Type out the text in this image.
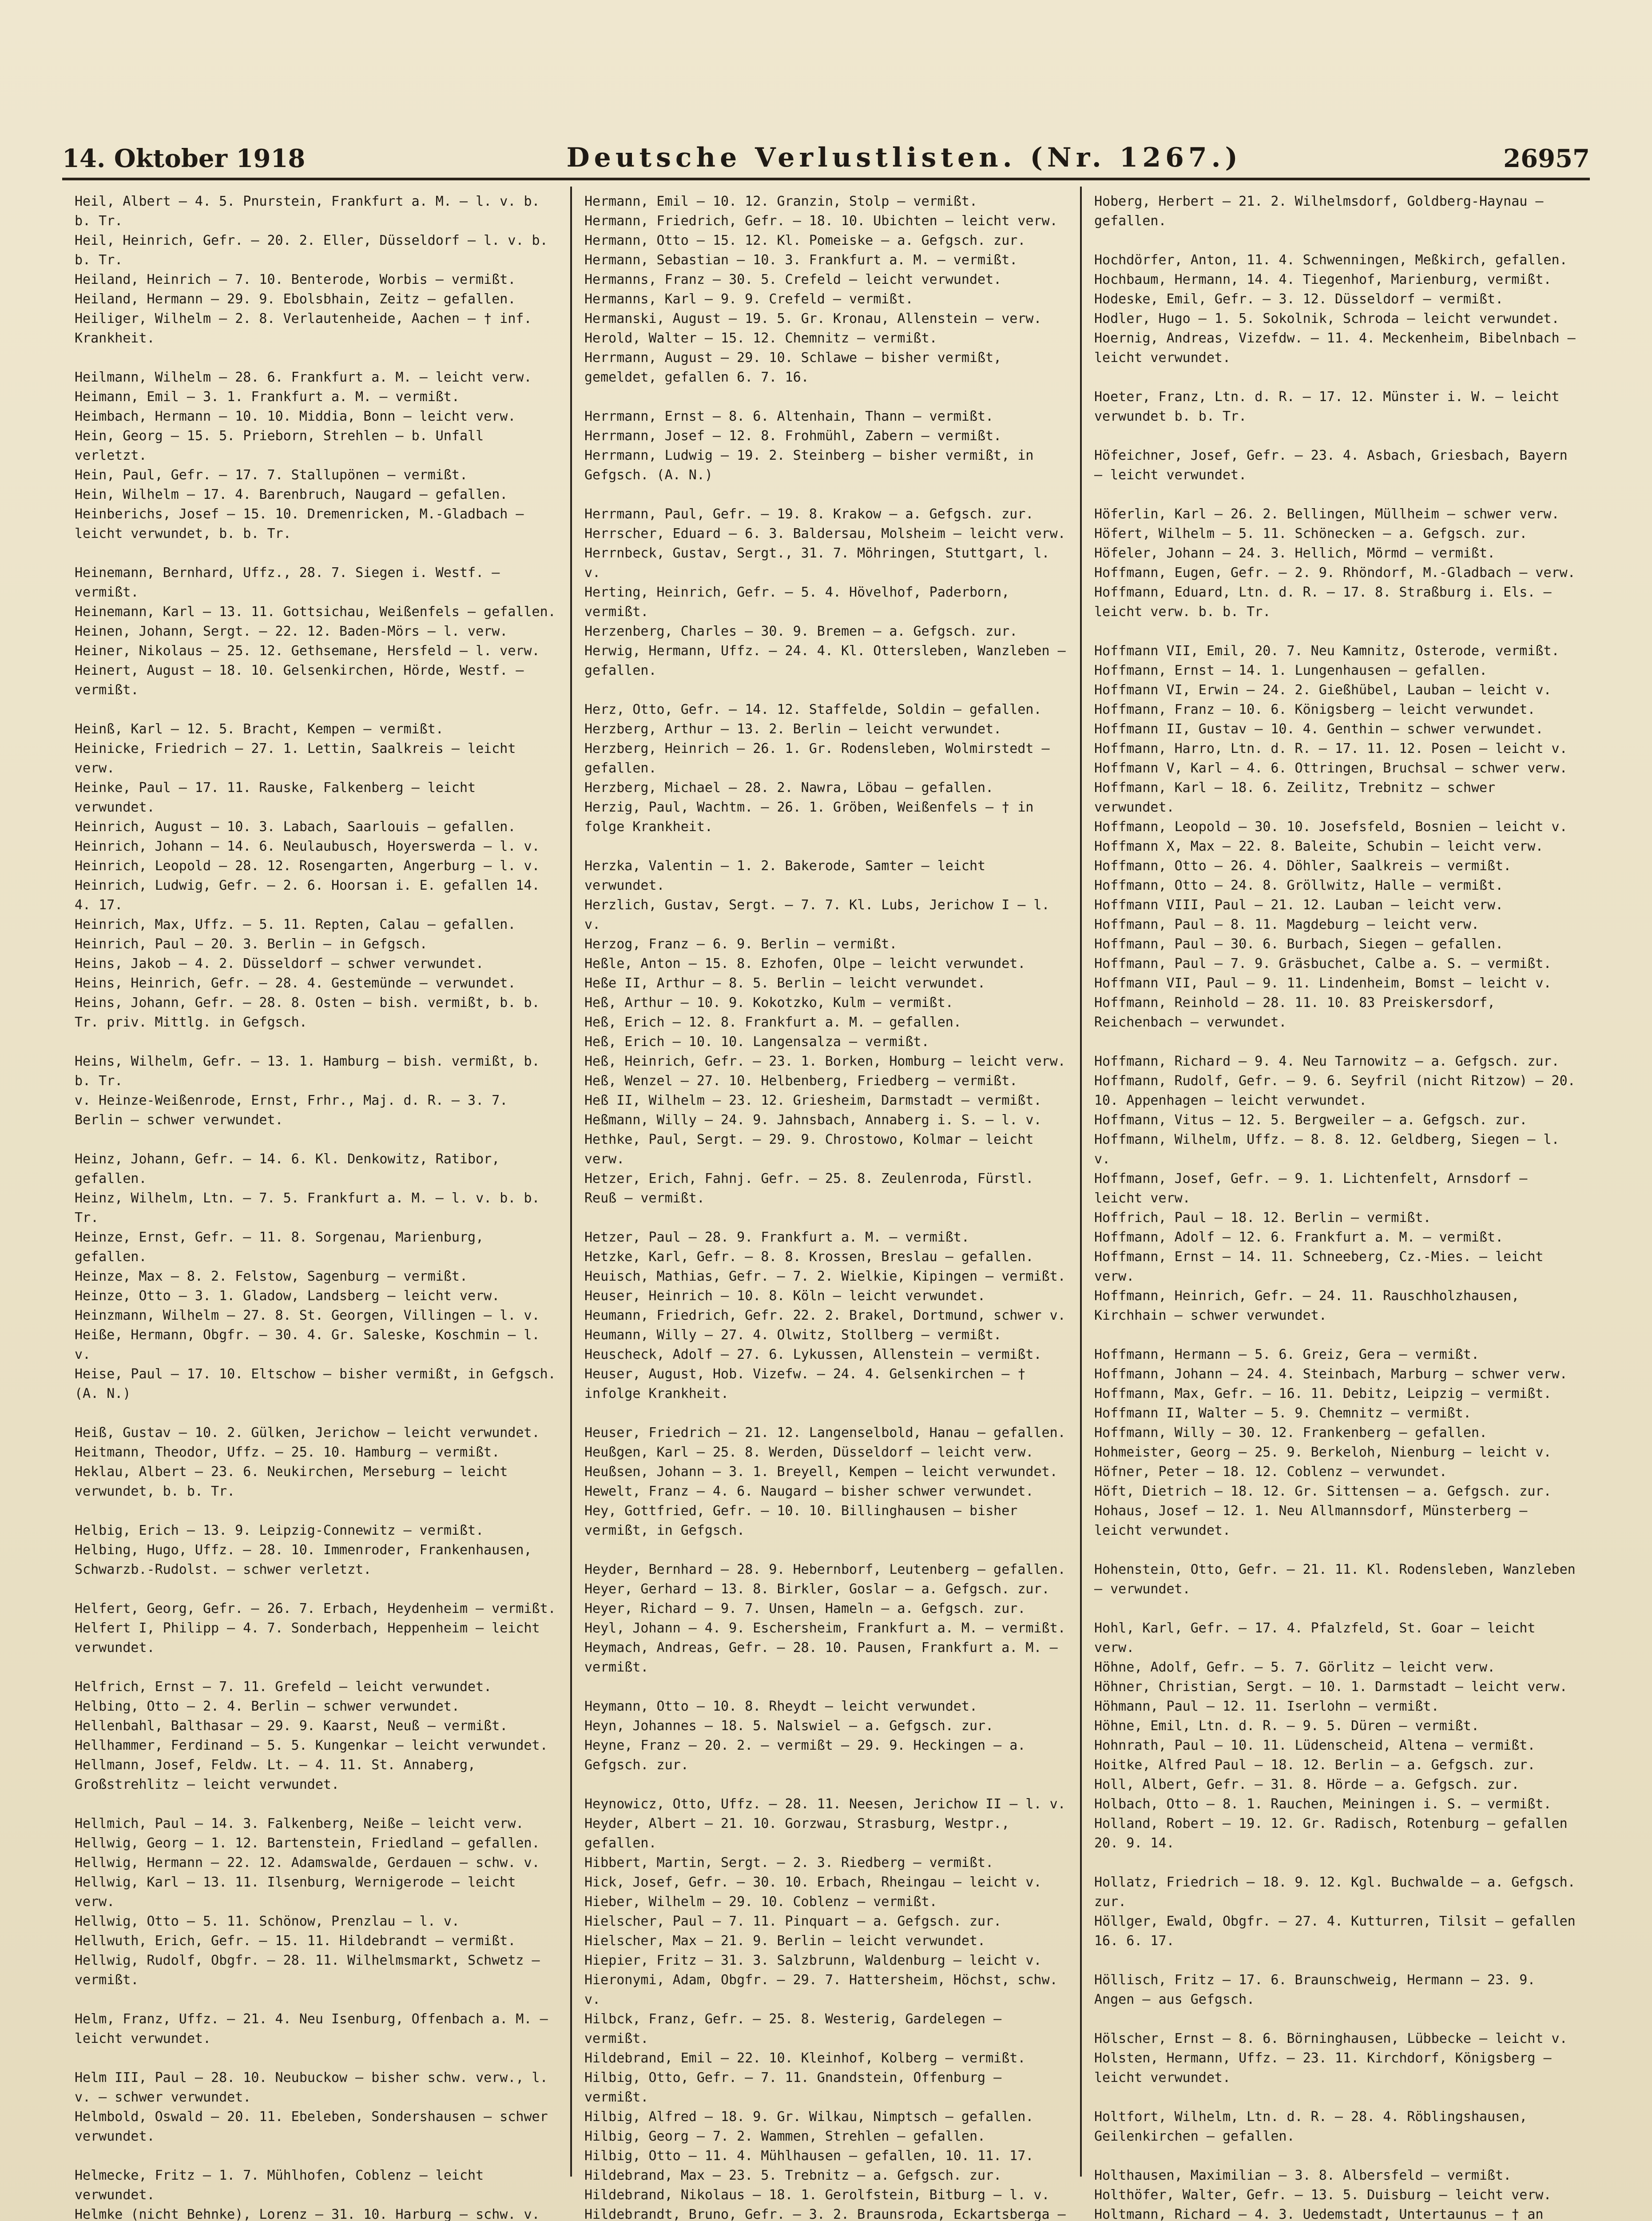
14. Oktober 1918	Deutsche Verlustlisten. (Nr. 1267.)	26957
Heil, Albert — 4. 5. Pnurstein, Frankfurt a. M. — l. v. b. b. Tr.
Heil, Heinrich, Gefr. — 20. 2. Eller, Düsseldorf — l. v. b. b. Tr.
Heiland, Heinrich — 7. 10. Benterode, Worbis — vermißt.
Heiland, Hermann — 29. 9. Ebolsbhain, Zeitz — gefallen.
Heiliger, Wilhelm — 2. 8. Verlautenheide, Aachen — † inf. Krankheit.
Heilmann, Wilhelm — 28. 6. Frankfurt a. M. — leicht verw.
Heimann, Emil — 3. 1. Frankfurt a. M. — vermißt.
Heimbach, Hermann — 10. 10. Middia, Bonn — leicht verw.
Hein, Georg — 15. 5. Prieborn, Strehlen — b. Unfall verletzt.
Hein, Paul, Gefr. — 17. 7. Stallupönen — vermißt.
Hein, Wilhelm — 17. 4. Barenbruch, Naugard — gefallen.
Heinberichs, Josef — 15. 10. Dremenricken, M.-Gladbach — leicht verwundet, b. b. Tr.
Heinemann, Bernhard, Uffz., 28. 7. Siegen i. Westf. — vermißt.
Heinemann, Karl — 13. 11. Gottsichau, Weißenfels — gefallen.
Heinen, Johann, Sergt. — 22. 12. Baden-Mörs — l. verw.
Heiner, Nikolaus — 25. 12. Gethsemane, Hersfeld — l. verw.
Heinert, August — 18. 10. Gelsenkirchen, Hörde, Westf. — vermißt.
Heinß, Karl — 12. 5. Bracht, Kempen — vermißt.
Heinicke, Friedrich — 27. 1. Lettin, Saalkreis — leicht verw.
Heinke, Paul — 17. 11. Rauske, Falkenberg — leicht verwundet.
Heinrich, August — 10. 3. Labach, Saarlouis — gefallen.
Heinrich, Johann — 14. 6. Neulaubusch, Hoyerswerda — l. v.
Heinrich, Leopold — 28. 12. Rosengarten, Angerburg — l. v.
Heinrich, Ludwig, Gefr. — 2. 6. Hoorsan i. E. gefallen 14. 4. 17.
Heinrich, Max, Uffz. — 5. 11. Repten, Calau — gefallen.
Heinrich, Paul — 20. 3. Berlin — in Gefgsch.
Heins, Jakob — 4. 2. Düsseldorf — schwer verwundet.
Heins, Heinrich, Gefr. — 28. 4. Gestemünde — verwundet.
Heins, Johann, Gefr. — 28. 8. Osten — bish. vermißt, b. b. Tr. priv. Mittlg. in Gefgsch.
Heins, Wilhelm, Gefr. — 13. 1. Hamburg — bish. vermißt, b. b. Tr.
v. Heinze-Weißenrode, Ernst, Frhr., Maj. d. R. — 3. 7. Berlin — schwer verwundet.
Heinz, Johann, Gefr. — 14. 6. Kl. Denkowitz, Ratibor, gefallen.
Heinz, Wilhelm, Ltn. — 7. 5. Frankfurt a. M. — l. v. b. b. Tr.
Heinze, Ernst, Gefr. — 11. 8. Sorgenau, Marienburg, gefallen.
Heinze, Max — 8. 2. Felstow, Sagenburg — vermißt.
Heinze, Otto — 3. 1. Gladow, Landsberg — leicht verw.
Heinzmann, Wilhelm — 27. 8. St. Georgen, Villingen — l. v.
Heiße, Hermann, Obgfr. — 30. 4. Gr. Saleske, Koschmin — l. v.
Heise, Paul — 17. 10. Eltschow — bisher vermißt, in Gefgsch. (A. N.)
Heiß, Gustav — 10. 2. Gülken, Jerichow — leicht verwundet.
Heitmann, Theodor, Uffz. — 25. 10. Hamburg — vermißt.
Heklau, Albert — 23. 6. Neukirchen, Merseburg — leicht verwundet, b. b. Tr.
Helbig, Erich — 13. 9. Leipzig-Connewitz — vermißt.
Helbing, Hugo, Uffz. — 28. 10. Immenroder, Frankenhausen, Schwarzb.-Rudolst. — schwer verletzt.
Helfert, Georg, Gefr. — 26. 7. Erbach, Heydenheim — vermißt.
Helfert I, Philipp — 4. 7. Sonderbach, Heppenheim — leicht verwundet.
Helfrich, Ernst — 7. 11. Grefeld — leicht verwundet.
Helbing, Otto — 2. 4. Berlin — schwer verwundet.
Hellenbahl, Balthasar — 29. 9. Kaarst, Neuß — vermißt.
Hellhammer, Ferdinand — 5. 5. Kungenkar — leicht verwundet.
Hellmann, Josef, Feldw. Lt. — 4. 11. St. Annaberg, Großstrehlitz — leicht verwundet.
Hellmich, Paul — 14. 3. Falkenberg, Neiße — leicht verw.
Hellwig, Georg — 1. 12. Bartenstein, Friedland — gefallen.
Hellwig, Hermann — 22. 12. Adamswalde, Gerdauen — schw. v.
Hellwig, Karl — 13. 11. Ilsenburg, Wernigerode — leicht verw.
Hellwig, Otto — 5. 11. Schönow, Prenzlau — l. v.
Hellwuth, Erich, Gefr. — 15. 11. Hildebrandt — vermißt.
Hellwig, Rudolf, Obgfr. — 28. 11. Wilhelmsmarkt, Schwetz — vermißt.
Helm, Franz, Uffz. — 21. 4. Neu Isenburg, Offenbach a. M. — leicht verwundet.
Helm III, Paul — 28. 10. Neubuckow — bisher schw. verw., l. v. — schwer verwundet.
Helmbold, Oswald — 20. 11. Ebeleben, Sondershausen — schwer verwundet.
Helmecke, Fritz — 1. 7. Mühlhofen, Coblenz — leicht verwundet.
Helmke (nicht Behnke), Lorenz — 31. 10. Harburg — schw. v.
Hermann, Emil — 10. 12. Granzin, Stolp — vermißt.
Hermann, Friedrich, Gefr. — 18. 10. Ubichten — leicht verw.
Hermann, Otto — 15. 12. Kl. Pomeiske — a. Gefgsch. zur.
Hermann, Sebastian — 10. 3. Frankfurt a. M. — vermißt.
Hermanns, Franz — 30. 5. Crefeld — leicht verwundet.
Hermanns, Karl — 9. 9. Crefeld — vermißt.
Hermanski, August — 19. 5. Gr. Kronau, Allenstein — verw.
Herold, Walter — 15. 12. Chemnitz — vermißt.
Herrmann, August — 29. 10. Schlawe — bisher vermißt, gemeldet, gefallen 6. 7. 16.
Herrmann, Ernst — 8. 6. Altenhain, Thann — vermißt.
Herrmann, Josef — 12. 8. Frohmühl, Zabern — vermißt.
Herrmann, Ludwig — 19. 2. Steinberg — bisher vermißt, in Gefgsch. (A. N.)
Herrmann, Paul, Gefr. — 19. 8. Krakow — a. Gefgsch. zur.
Herrscher, Eduard — 6. 3. Baldersau, Molsheim — leicht verw.
Herrnbeck, Gustav, Sergt., 31. 7. Möhringen, Stuttgart, l. v.
Herting, Heinrich, Gefr. — 5. 4. Hövelhof, Paderborn, vermißt.
Herzenberg, Charles — 30. 9. Bremen — a. Gefgsch. zur.
Herwig, Hermann, Uffz. — 24. 4. Kl. Ottersleben, Wanzleben — gefallen.
Herz, Otto, Gefr. — 14. 12. Staffelde, Soldin — gefallen.
Herzberg, Arthur — 13. 2. Berlin — leicht verwundet.
Herzberg, Heinrich — 26. 1. Gr. Rodensleben, Wolmirstedt — gefallen.
Herzberg, Michael — 28. 2. Nawra, Löbau — gefallen.
Herzig, Paul, Wachtm. — 26. 1. Gröben, Weißenfels — † in folge Krankheit.
Herzka, Valentin — 1. 2. Bakerode, Samter — leicht verwundet.
Herzlich, Gustav, Sergt. — 7. 7. Kl. Lubs, Jerichow I — l. v.
Herzog, Franz — 6. 9. Berlin — vermißt.
Heßle, Anton — 15. 8. Ezhofen, Olpe — leicht verwundet.
Heße II, Arthur — 8. 5. Berlin — leicht verwundet.
Heß, Arthur — 10. 9. Kokotzko, Kulm — vermißt.
Heß, Erich — 12. 8. Frankfurt a. M. — gefallen.
Heß, Erich — 10. 10. Langensalza — vermißt.
Heß, Heinrich, Gefr. — 23. 1. Borken, Homburg — leicht verw.
Heß, Wenzel — 27. 10. Helbenberg, Friedberg — vermißt.
Heß II, Wilhelm — 23. 12. Griesheim, Darmstadt — vermißt.
Heßmann, Willy — 24. 9. Jahnsbach, Annaberg i. S. — l. v.
Hethke, Paul, Sergt. — 29. 9. Chrostowo, Kolmar — leicht verw.
Hetzer, Erich, Fahnj. Gefr. — 25. 8. Zeulenroda, Fürstl. Reuß — vermißt.
Hetzer, Paul — 28. 9. Frankfurt a. M. — vermißt.
Hetzke, Karl, Gefr. — 8. 8. Krossen, Breslau — gefallen.
Heuisch, Mathias, Gefr. — 7. 2. Wielkie, Kipingen — vermißt.
Heuser, Heinrich — 10. 8. Köln — leicht verwundet.
Heumann, Friedrich, Gefr. 22. 2. Brakel, Dortmund, schwer v.
Heumann, Willy — 27. 4. Olwitz, Stollberg — vermißt.
Heuscheck, Adolf — 27. 6. Lykussen, Allenstein — vermißt.
Heuser, August, Hob. Vizefw. — 24. 4. Gelsenkirchen — † infolge Krankheit.
Heuser, Friedrich — 21. 12. Langenselbold, Hanau — gefallen.
Heußgen, Karl — 25. 8. Werden, Düsseldorf — leicht verw.
Heußsen, Johann — 3. 1. Breyell, Kempen — leicht verwundet.
Hewelt, Franz — 4. 6. Naugard — bisher schwer verwundet.
Hey, Gottfried, Gefr. — 10. 10. Billinghausen — bisher vermißt, in Gefgsch.
Heyder, Bernhard — 28. 9. Hebernborf, Leutenberg — gefallen.
Heyer, Gerhard — 13. 8. Birkler, Goslar — a. Gefgsch. zur.
Heyer, Richard — 9. 7. Unsen, Hameln — a. Gefgsch. zur.
Heyl, Johann — 4. 9. Eschersheim, Frankfurt a. M. — vermißt.
Heymach, Andreas, Gefr. — 28. 10. Pausen, Frankfurt a. M. — vermißt.
Heymann, Otto — 10. 8. Rheydt — leicht verwundet.
Heyn, Johannes — 18. 5. Nalswiel — a. Gefgsch. zur.
Heyne, Franz — 20. 2. — vermißt — 29. 9. Heckingen — a. Gefgsch. zur.
Heynowicz, Otto, Uffz. — 28. 11. Neesen, Jerichow II — l. v.
Heyder, Albert — 21. 10. Gorzwau, Strasburg, Westpr., gefallen.
Hibbert, Martin, Sergt. — 2. 3. Riedberg — vermißt.
Hick, Josef, Gefr. — 30. 10. Erbach, Rheingau — leicht v.
Hieber, Wilhelm — 29. 10. Coblenz — vermißt.
Hielscher, Paul — 7. 11. Pinquart — a. Gefgsch. zur.
Hielscher, Max — 21. 9. Berlin — leicht verwundet.
Hiepier, Fritz — 31. 3. Salzbrunn, Waldenburg — leicht v.
Hieronymi, Adam, Obgfr. — 29. 7. Hattersheim, Höchst, schw. v.
Hilbck, Franz, Gefr. — 25. 8. Westerig, Gardelegen — vermißt.
Hildebrand, Emil — 22. 10. Kleinhof, Kolberg — vermißt.
Hilbig, Otto, Gefr. — 7. 11. Gnandstein, Offenburg — vermißt.
Hilbig, Alfred — 18. 9. Gr. Wilkau, Nimptsch — gefallen.
Hilbig, Georg — 7. 2. Wammen, Strehlen — gefallen.
Hilbig, Otto — 11. 4. Mühlhausen — gefallen, 10. 11. 17.
Hildebrand, Max — 23. 5. Trebnitz — a. Gefgsch. zur.
Hildebrand, Nikolaus — 18. 1. Gerolfstein, Bitburg — l. v.
Hildebrandt, Bruno, Gefr. — 3. 2. Braunsroda, Eckartsberga —
Hoberg, Herbert — 21. 2. Wilhelmsdorf, Goldberg-Haynau — gefallen.
Hochdörfer, Anton, 11. 4. Schwenningen, Meßkirch, gefallen.
Hochbaum, Hermann, 14. 4. Tiegenhof, Marienburg, vermißt.
Hodeske, Emil, Gefr. — 3. 12. Düsseldorf — vermißt.
Hodler, Hugo — 1. 5. Sokolnik, Schroda — leicht verwundet.
Hoernig, Andreas, Vizefdw. — 11. 4. Meckenheim, Bibelnbach — leicht verwundet.
Hoeter, Franz, Ltn. d. R. — 17. 12. Münster i. W. — leicht verwundet b. b. Tr.
Höfeichner, Josef, Gefr. — 23. 4. Asbach, Griesbach, Bayern — leicht verwundet.
Höferlin, Karl — 26. 2. Bellingen, Müllheim — schwer verw.
Höfert, Wilhelm — 5. 11. Schönecken — a. Gefgsch. zur.
Höfeler, Johann — 24. 3. Hellich, Mörmd — vermißt.
Hoffmann, Eugen, Gefr. — 2. 9. Rhöndorf, M.-Gladbach — verw.
Hoffmann, Eduard, Ltn. d. R. — 17. 8. Straßburg i. Els. — leicht verw. b. b. Tr.
Hoffmann VII, Emil, 20. 7. Neu Kamnitz, Osterode, vermißt.
Hoffmann, Ernst — 14. 1. Lungenhausen — gefallen.
Hoffmann VI, Erwin — 24. 2. Gießhübel, Lauban — leicht v.
Hoffmann, Franz — 10. 6. Königsberg — leicht verwundet.
Hoffmann II, Gustav — 10. 4. Genthin — schwer verwundet.
Hoffmann, Harro, Ltn. d. R. — 17. 11. 12. Posen — leicht v.
Hoffmann V, Karl — 4. 6. Ottringen, Bruchsal — schwer verw.
Hoffmann, Karl — 18. 6. Zeilitz, Trebnitz — schwer verwundet.
Hoffmann, Leopold — 30. 10. Josefsfeld, Bosnien — leicht v.
Hoffmann X, Max — 22. 8. Baleite, Schubin — leicht verw.
Hoffmann, Otto — 26. 4. Döhler, Saalkreis — vermißt.
Hoffmann, Otto — 24. 8. Gröllwitz, Halle — vermißt.
Hoffmann VIII, Paul — 21. 12. Lauban — leicht verw.
Hoffmann, Paul — 8. 11. Magdeburg — leicht verw.
Hoffmann, Paul — 30. 6. Burbach, Siegen — gefallen.
Hoffmann, Paul — 7. 9. Gräsbuchet, Calbe a. S. — vermißt.
Hoffmann VII, Paul — 9. 11. Lindenheim, Bomst — leicht v.
Hoffmann, Reinhold — 28. 11. 10. 83 Preiskersdorf, Reichenbach — verwundet.
Hoffmann, Richard — 9. 4. Neu Tarnowitz — a. Gefgsch. zur.
Hoffmann, Rudolf, Gefr. — 9. 6. Seyfril (nicht Ritzow) — 20. 10. Appenhagen — leicht verwundet.
Hoffmann, Vitus — 12. 5. Bergweiler — a. Gefgsch. zur.
Hoffmann, Wilhelm, Uffz. — 8. 8. 12. Geldberg, Siegen — l. v.
Hoffmann, Josef, Gefr. — 9. 1. Lichtenfelt, Arnsdorf — leicht verw.
Hoffrich, Paul — 18. 12. Berlin — vermißt.
Hoffmann, Adolf — 12. 6. Frankfurt a. M. — vermißt.
Hoffmann, Ernst — 14. 11. Schneeberg, Cz.-Mies. — leicht verw.
Hoffmann, Heinrich, Gefr. — 24. 11. Rauschholzhausen, Kirchhain — schwer verwundet.
Hoffmann, Hermann — 5. 6. Greiz, Gera — vermißt.
Hoffmann, Johann — 24. 4. Steinbach, Marburg — schwer verw.
Hoffmann, Max, Gefr. — 16. 11. Debitz, Leipzig — vermißt.
Hoffmann II, Walter — 5. 9. Chemnitz — vermißt.
Hoffmann, Willy — 30. 12. Frankenberg — gefallen.
Hohmeister, Georg — 25. 9. Berkeloh, Nienburg — leicht v.
Höfner, Peter — 18. 12. Coblenz — verwundet.
Höft, Dietrich — 18. 12. Gr. Sittensen — a. Gefgsch. zur.
Hohaus, Josef — 12. 1. Neu Allmannsdorf, Münsterberg — leicht verwundet.
Hohenstein, Otto, Gefr. — 21. 11. Kl. Rodensleben, Wanzleben — verwundet.
Hohl, Karl, Gefr. — 17. 4. Pfalzfeld, St. Goar — leicht verw.
Höhne, Adolf, Gefr. — 5. 7. Görlitz — leicht verw.
Höhner, Christian, Sergt. — 10. 1. Darmstadt — leicht verw.
Höhmann, Paul — 12. 11. Iserlohn — vermißt.
Höhne, Emil, Ltn. d. R. — 9. 5. Düren — vermißt.
Hohnrath, Paul — 10. 11. Lüdenscheid, Altena — vermißt.
Hoitke, Alfred Paul — 18. 12. Berlin — a. Gefgsch. zur.
Holl, Albert, Gefr. — 31. 8. Hörde — a. Gefgsch. zur.
Holbach, Otto — 8. 1. Rauchen, Meiningen i. S. — vermißt.
Holland, Robert — 19. 12. Gr. Radisch, Rotenburg — gefallen 20. 9. 14.
Hollatz, Friedrich — 18. 9. 12. Kgl. Buchwalde — a. Gefgsch. zur.
Höllger, Ewald, Obgfr. — 27. 4. Kutturren, Tilsit — gefallen 16. 6. 17.
Höllisch, Fritz — 17. 6. Braunschweig, Hermann — 23. 9. Angen — aus Gefgsch.
Hölscher, Ernst — 8. 6. Börninghausen, Lübbecke — leicht v.
Holsten, Hermann, Uffz. — 23. 11. Kirchdorf, Königsberg — leicht verwundet.
Holtfort, Wilhelm, Ltn. d. R. — 28. 4. Röblingshausen, Geilenkirchen — gefallen.
Holthausen, Maximilian — 3. 8. Albersfeld — vermißt.
Holthöfer, Walter, Gefr. — 13. 5. Duisburg — leicht verw.
Holtmann, Richard — 4. 3. Uedemstadt, Untertaunus — † an
